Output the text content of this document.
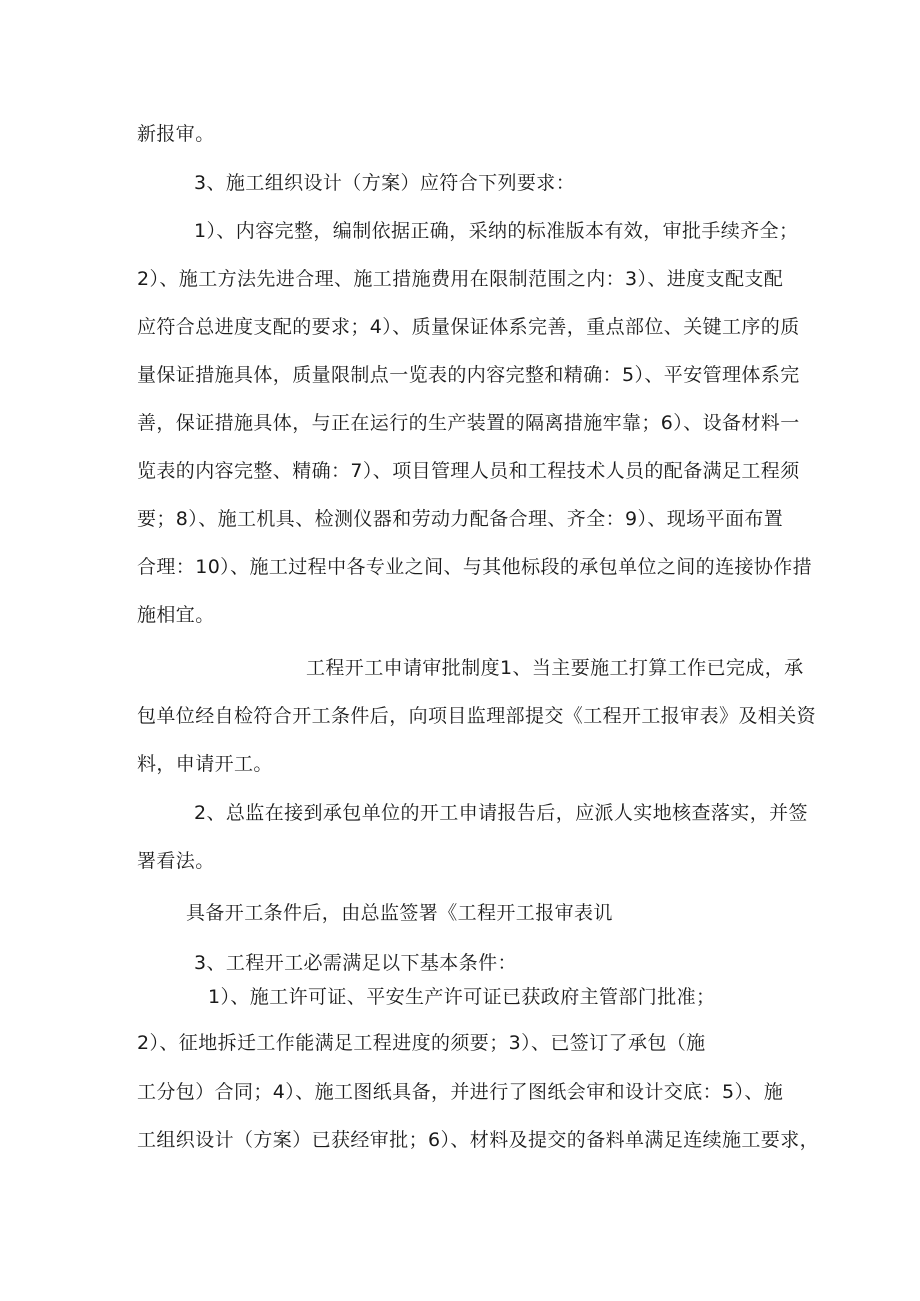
新报审。
3、施工组织设计（方案）应符合下列要求：
1）、内容完整，编制依据正确，采纳的标准版本有效，审批手续齐全；
2）、施工方法先进合理、施工措施费用在限制范围之内：3）、进度支配支配
应符合总进度支配的要求；4）、质量保证体系完善，重点部位、关键工序的质
量保证措施具体，质量限制点一览表的内容完整和精确：5）、平安管理体系完
善，保证措施具体，与正在运行的生产装置的隔离措施牢靠；6）、设备材料一
览表的内容完整、精确：7）、项目管理人员和工程技术人员的配备满足工程须
要；8）、施工机具、检测仪器和劳动力配备合理、齐全：9）、现场平面布置
合理：10）、施工过程中各专业之间、与其他标段的承包单位之间的连接协作措
施相宜。
工程开工申请审批制度1、当主要施工打算工作已完成，承
包单位经自检符合开工条件后，向项目监理部提交《工程开工报审表》及相关资
料，申请开工。
2、总监在接到承包单位的开工申请报告后，应派人实地核查落实，并签
署看法。
具备开工条件后，由总监签署《工程开工报审表讥
3、工程开工必需满足以下基本条件：
1）、施工许可证、平安生产许可证已获政府主管部门批准；
2）、征地拆迁工作能满足工程进度的须要；3）、已签订了承包（施
工分包）合同；4）、施工图纸具备，并进行了图纸会审和设计交底：5）、施
工组织设计（方案）已获经审批；6）、材料及提交的备料单满足连续施工要求，
